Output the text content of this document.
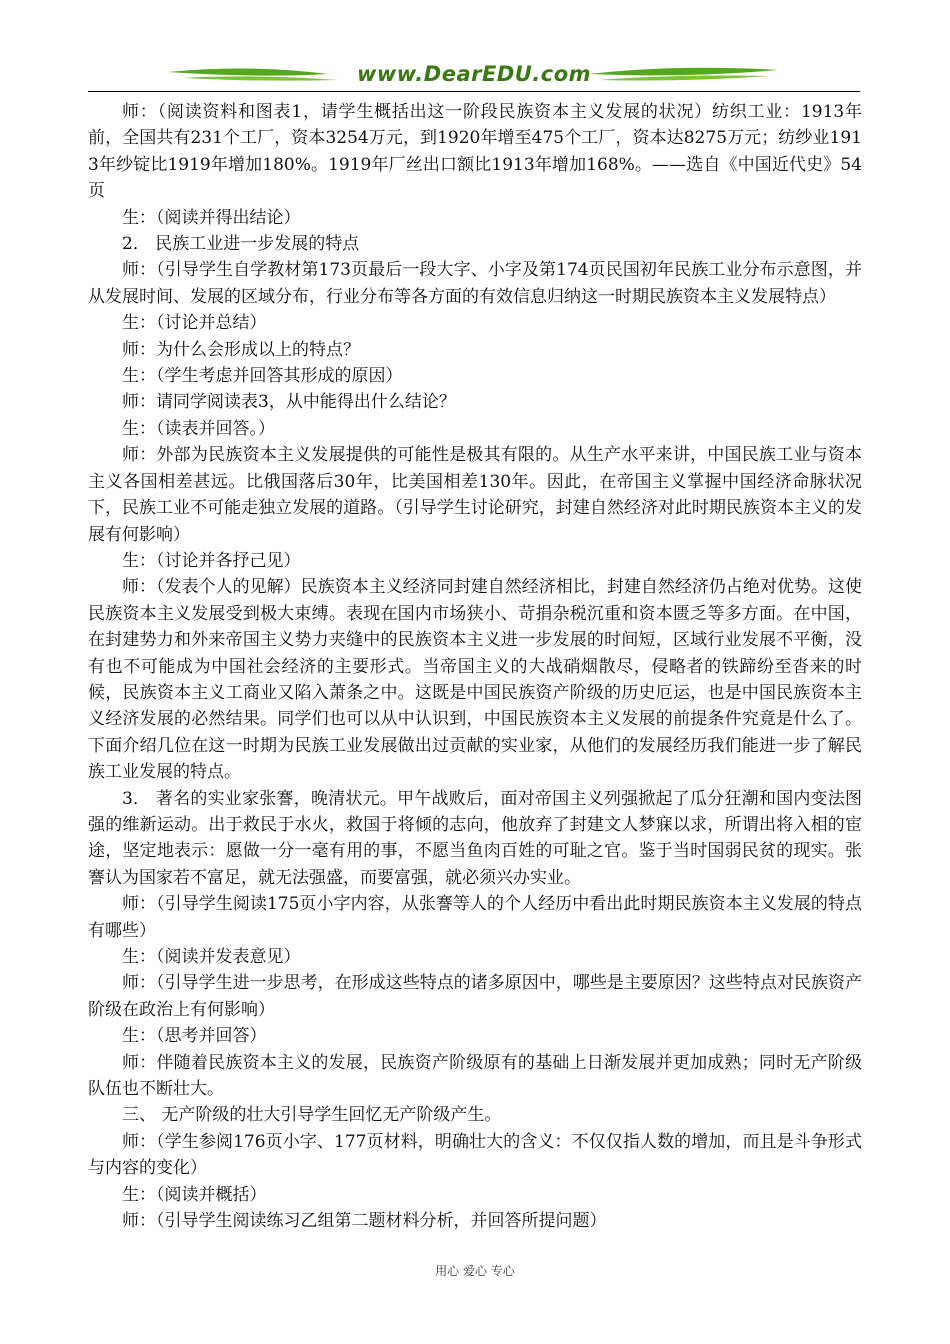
www.DearEDU.com

师：（阅读资料和图表1，请学生概括出这一阶段民族资本主义发展的状况）纺织工业：1913年前，全国共有231个工厂，资本3254万元，到1920年增至475个工厂，资本达8275万元；纺纱业1913年纱锭比1919年增加180%。1919年厂丝出口额比1913年增加168%。——选自《中国近代史》54页

生：（阅读并得出结论）

2． 民族工业进一步发展的特点

师：（引导学生自学教材第173页最后一段大字、小字及第174页民国初年民族工业分布示意图，并从发展时间、发展的区域分布，行业分布等各方面的有效信息归纳这一时期民族资本主义发展特点）

生：（讨论并总结）

师：为什么会形成以上的特点？

生：（学生考虑并回答其形成的原因）

师：请同学阅读表3，从中能得出什么结论？

生：（读表并回答。）

师：外部为民族资本主义发展提供的可能性是极其有限的。从生产水平来讲，中国民族工业与资本主义各国相差甚远。比俄国落后30年，比美国相差130年。因此，在帝国主义掌握中国经济命脉状况下，民族工业不可能走独立发展的道路。（引导学生讨论研究，封建自然经济对此时期民族资本主义的发展有何影响）

生：（讨论并各抒己见）

师：（发表个人的见解）民族资本主义经济同封建自然经济相比，封建自然经济仍占绝对优势。这使民族资本主义发展受到极大束缚。表现在国内市场狭小、苛捐杂税沉重和资本匮乏等多方面。在中国，在封建势力和外来帝国主义势力夹缝中的民族资本主义进一步发展的时间短，区域行业发展不平衡，没有也不可能成为中国社会经济的主要形式。当帝国主义的大战硝烟散尽，侵略者的铁蹄纷至沓来的时候，民族资本主义工商业又陷入萧条之中。这既是中国民族资产阶级的历史厄运，也是中国民族资本主义经济发展的必然结果。同学们也可以从中认识到，中国民族资本主义发展的前提条件究竟是什么了。下面介绍几位在这一时期为民族工业发展做出过贡献的实业家，从他们的发展经历我们能进一步了解民族工业发展的特点。

3． 著名的实业家张謇，晚清状元。甲午战败后，面对帝国主义列强掀起了瓜分狂潮和国内变法图强的维新运动。出于救民于水火，救国于将倾的志向，他放弃了封建文人梦寐以求，所谓出将入相的宦途，坚定地表示：愿做一分一毫有用的事，不愿当鱼肉百姓的可耻之官。鉴于当时国弱民贫的现实。张謇认为国家若不富足，就无法强盛，而要富强，就必须兴办实业。

师：（引导学生阅读175页小字内容，从张謇等人的个人经历中看出此时期民族资本主义发展的特点有哪些）

生：（阅读并发表意见）

师：（引导学生进一步思考，在形成这些特点的诸多原因中，哪些是主要原因？这些特点对民族资产阶级在政治上有何影响）

生：（思考并回答）

师：伴随着民族资本主义的发展，民族资产阶级原有的基础上日渐发展并更加成熟；同时无产阶级队伍也不断壮大。

三、 无产阶级的壮大引导学生回忆无产阶级产生。

师：（学生参阅176页小字、177页材料，明确壮大的含义：不仅仅指人数的增加，而且是斗争形式与内容的变化）

生：（阅读并概括）

师：（引导学生阅读练习乙组第二题材料分析，并回答所提问题）

用心 爱心 专心
